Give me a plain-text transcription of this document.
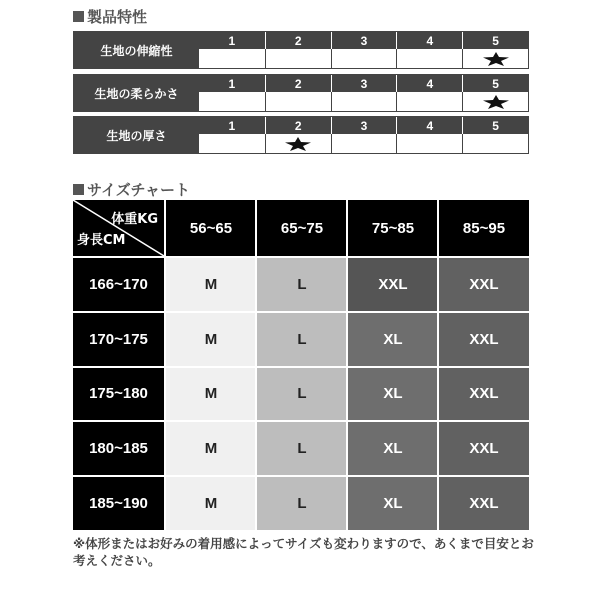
製品特性
生地の伸縮性
1	2	3	4	5
生地の柔らかさ
1	2	3	4	5
生地の厚さ
1	2	3	4	5
サイズチャート
体重KG
身長CM
56~65	65~75	75~85	85~95
166~170	M	L	XXL	XXL
170~175	M	L	XL	XXL
175~180	M	L	XL	XXL
180~185	M	L	XL	XXL
185~190	M	L	XL	XXL
※体形またはお好みの着用感によってサイズも変わりますので、あくまで目安とお考えください。
